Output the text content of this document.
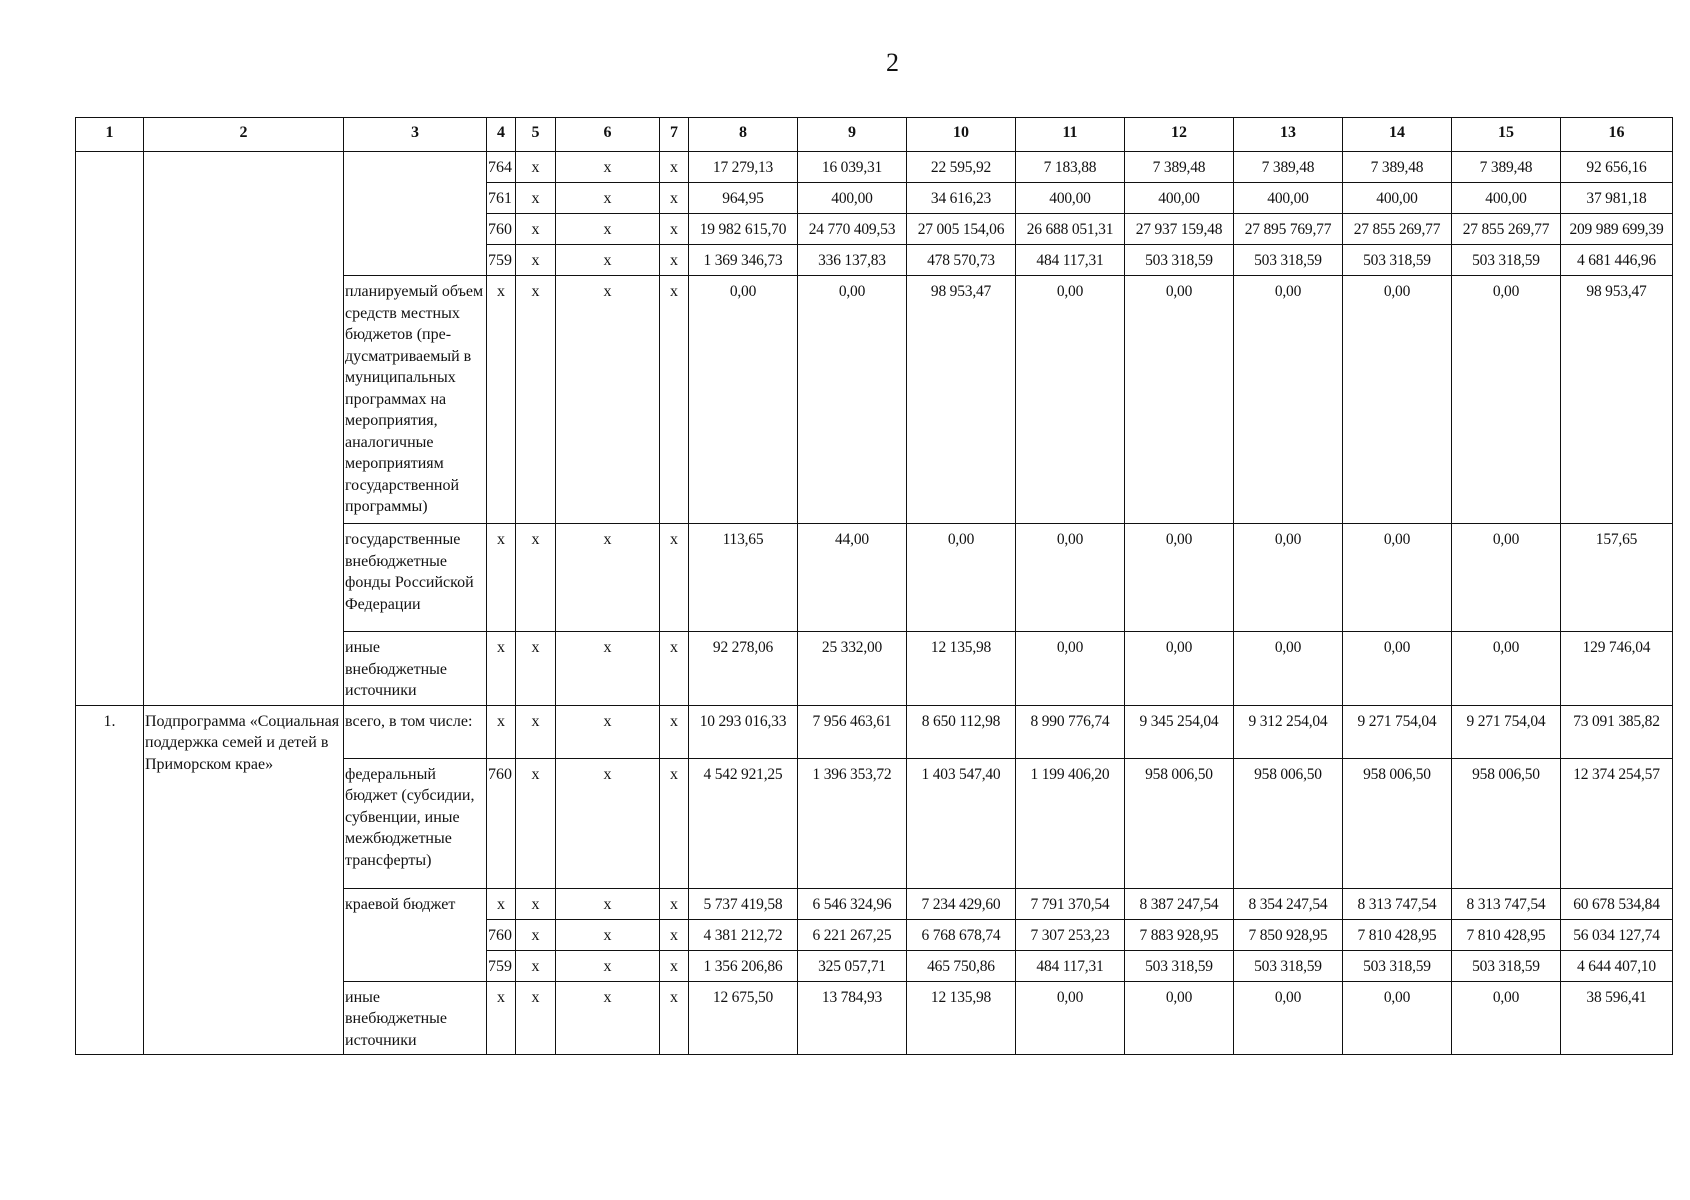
2
1	2	3	4	5	6	7	8	9	10	11	12	13	14	15	16
			764	х	х	х	17 279,13	16 039,31	22 595,92	7 183,88	7 389,48	7 389,48	7 389,48	7 389,48	92 656,16
			761	х	х	х	964,95	400,00	34 616,23	400,00	400,00	400,00	400,00	400,00	37 981,18
			760	х	х	х	19 982 615,70	24 770 409,53	27 005 154,06	26 688 051,31	27 937 159,48	27 895 769,77	27 855 269,77	27 855 269,77	209 989 699,39
			759	х	х	х	1 369 346,73	336 137,83	478 570,73	484 117,31	503 318,59	503 318,59	503 318,59	503 318,59	4 681 446,96
		планируемый объем средств местных бюджетов (пре-дусматриваемый в муниципальных программах на мероприятия, аналогичные мероприятиям государственной программы)	х	х	х	х	0,00	0,00	98 953,47	0,00	0,00	0,00	0,00	0,00	98 953,47
		государственные внебюджетные фонды Российской Федерации	х	х	х	х	113,65	44,00	0,00	0,00	0,00	0,00	0,00	0,00	157,65
		иные внебюджетные источники	х	х	х	х	92 278,06	25 332,00	12 135,98	0,00	0,00	0,00	0,00	0,00	129 746,04
1.	Подпрограмма «Социальная поддержка семей и детей в Приморском крае»	всего, в том числе:	х	х	х	х	10 293 016,33	7 956 463,61	8 650 112,98	8 990 776,74	9 345 254,04	9 312 254,04	9 271 754,04	9 271 754,04	73 091 385,82
		федеральный бюджет (субсидии, субвенции, иные межбюджетные трансферты)	760	х	х	х	4 542 921,25	1 396 353,72	1 403 547,40	1 199 406,20	958 006,50	958 006,50	958 006,50	958 006,50	12 374 254,57
		краевой бюджет	х	х	х	х	5 737 419,58	6 546 324,96	7 234 429,60	7 791 370,54	8 387 247,54	8 354 247,54	8 313 747,54	8 313 747,54	60 678 534,84
			760	х	х	х	4 381 212,72	6 221 267,25	6 768 678,74	7 307 253,23	7 883 928,95	7 850 928,95	7 810 428,95	7 810 428,95	56 034 127,74
			759	х	х	х	1 356 206,86	325 057,71	465 750,86	484 117,31	503 318,59	503 318,59	503 318,59	503 318,59	4 644 407,10
		иные внебюджетные источники	х	х	х	х	12 675,50	13 784,93	12 135,98	0,00	0,00	0,00	0,00	0,00	38 596,41
